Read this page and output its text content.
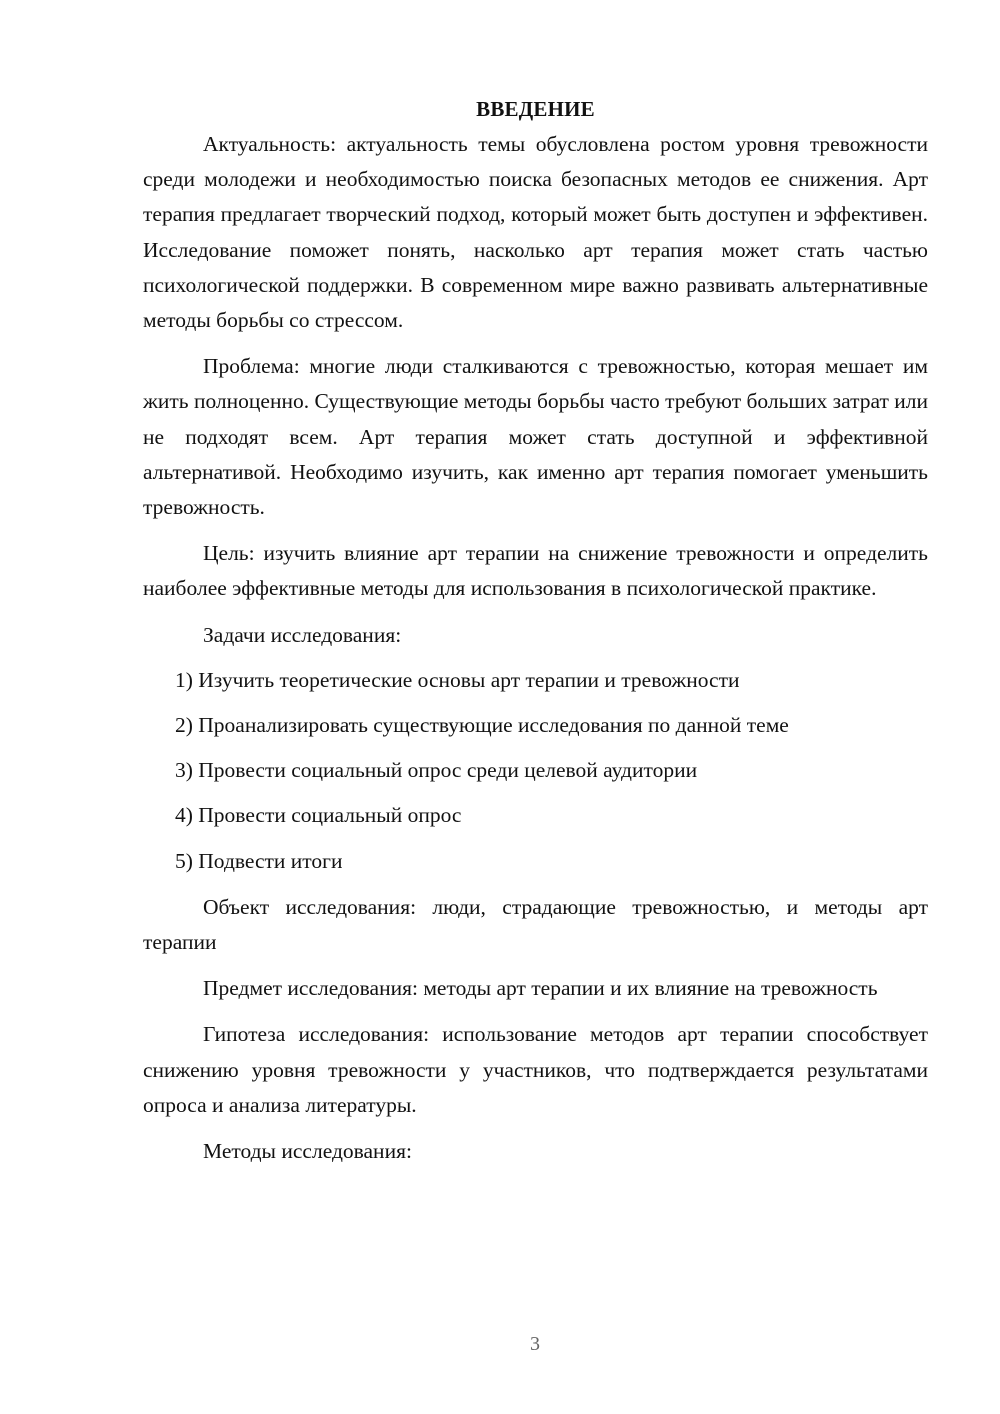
ВВЕДЕНИЕ

Актуальность: актуальность темы обусловлена ростом уровня тревожности среди молодежи и необходимостью поиска безопасных методов ее снижения. Арт терапия предлагает творческий подход, который может быть доступен и эффективен. Исследование поможет понять, насколько арт терапия может стать частью психологической поддержки. В современном мире важно развивать альтернативные методы борьбы со стрессом.

Проблема: многие люди сталкиваются с тревожностью, которая мешает им жить полноценно. Существующие методы борьбы часто требуют больших затрат или не подходят всем. Арт терапия может стать доступной и эффективной альтернативой. Необходимо изучить, как именно арт терапия помогает уменьшить тревожность.

Цель: изучить влияние арт терапии на снижение тревожности и определить наиболее эффективные методы для использования в психологической практике.

Задачи исследования:

1) Изучить теоретические основы арт терапии и тревожности

2) Проанализировать существующие исследования по данной теме

3) Провести социальный опрос среди целевой аудитории

4) Провести социальный опрос

5) Подвести итоги

Объект исследования: люди, страдающие тревожностью, и методы арт терапии

Предмет исследования: методы арт терапии и их влияние на тревожность

Гипотеза исследования: использование методов арт терапии способствует снижению уровня тревожности у участников, что подтверждается результатами опроса и анализа литературы.

Методы исследования:

3
